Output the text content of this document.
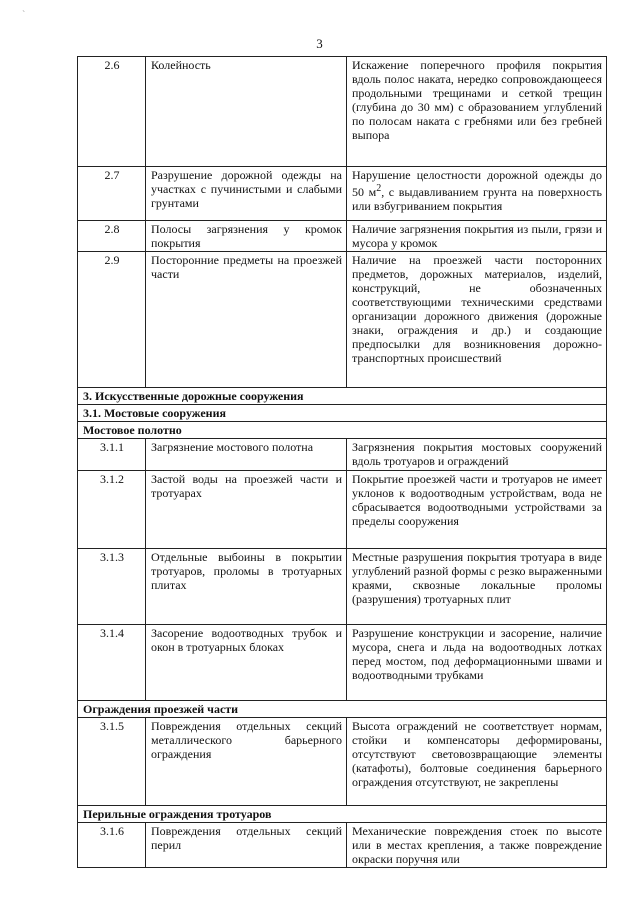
`
3
2.6	Колейность	Искажение поперечного профиля покрытия вдоль полос наката, нередко сопровождающееся продольными трещинами и сеткой трещин (глубина до 30 мм) с образованием углублений по полосам наката с гребнями или без гребней выпора
2.7	Разрушение дорожной одежды на участках с пучинистыми и слабыми грунтами	Нарушение целостности дорожной одежды до 50 $м^2$, с выдавливанием грунта на поверхность или взбугриванием покрытия
2.8	Полосы загрязнения у кромок покрытия	Наличие загрязнения покрытия из пыли, грязи и мусора у кромок
2.9	Посторонние предметы на проезжей части	Наличие на проезжей части посторонних предметов, дорожных материалов, изделий, конструкций, не обозначенных соответствующими техническими средствами организации дорожного движения (дорожные знаки, ограждения и др.) и создающие предпосылки для возникновения дорожно-транспортных происшествий
3. Искусственные дорожные сооружения		
3.1. Мостовые сооружения		
Мостовое полотно		
3.1.1	Загрязнение мостового полотна	Загрязнения покрытия мостовых сооружений вдоль тротуаров и ограждений
3.1.2	Застой воды на проезжей части и тротуарах	Покрытие проезжей части и тротуаров не имеет уклонов к водоотводным устройствам, вода не сбрасывается водоотводными устройствами за пределы сооружения
3.1.3	Отдельные выбоины в покрытии тротуаров, проломы в тротуарных плитах	Местные разрушения покрытия тротуара в виде углублений разной формы с резко выраженными краями, сквозные локальные проломы (разрушения) тротуарных плит
3.1.4	Засорение водоотводных трубок и окон в тротуарных блоках	Разрушение конструкции и засорение, наличие мусора, снега и льда на водоотводных лотках перед мостом, под деформационными швами и водоотводными трубками
Ограждения проезжей части		
3.1.5	Повреждения отдельных секций металлического барьерного ограждения	Высота ограждений не соответствует нормам, стойки и компенсаторы деформированы, отсутствуют световозвращающие элементы (катафоты), болтовые соединения барьерного ограждения отсутствуют, не закреплены
Перильные ограждения тротуаров		
3.1.6	Повреждения отдельных секций перил	Механические повреждения стоек по высоте или в местах крепления, а также повреждение окраски поручня или
